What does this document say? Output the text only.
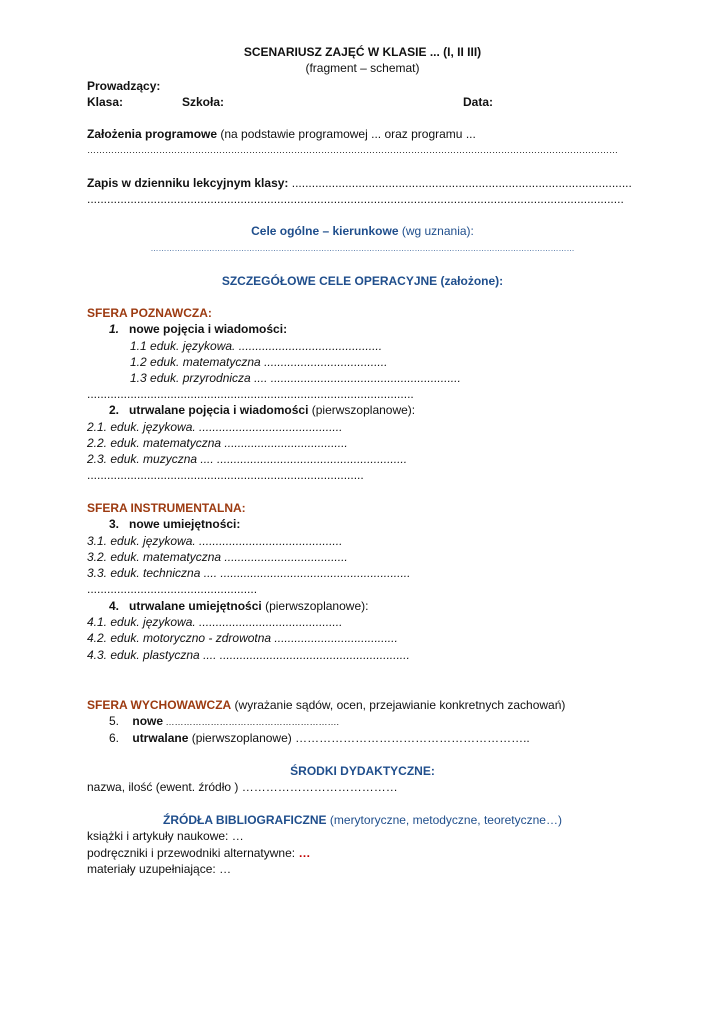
SCENARIUSZ ZAJĘĆ W KLASIE ... (I, II III)
(fragment – schemat)
Prowadzący:
Klasa:	Szkoła:	Data:
Założenia programowe (na podstawie programowej ... oraz programu ...
……………………………………………………………………………………………………………………………………………………………
Zapis w dzienniku lekcyjnym klasy: ......................................................................................................
.................................................................................................................................................................
Cele ogólne – kierunkowe (wg uznania):
……………………………………………………………………………………………………………………………………………
SZCZEGÓŁOWE CELE OPERACYJNE (założone):
SFERA POZNAWCZA:
1. nowe pojęcia i wiadomości:
1.1 eduk. językowa. ...........................................
1.2 eduk. matematyczna .....................................
1.3 eduk. przyrodnicza .... .........................................................
..................................................................................................
2. utrwalane pojęcia i wiadomości (pierwszoplanowe):
2.1. eduk. językowa. ...........................................
2.2. eduk. matematyczna .....................................
2.3. eduk. muzyczna .... .........................................................
...................................................................................
SFERA INSTRUMENTALNA:
3. nowe umiejętności:
3.1. eduk. językowa. ...........................................
3.2. eduk. matematyczna .....................................
3.3. eduk. techniczna .... .........................................................
...................................................
4. utrwalane umiejętności (pierwszoplanowe):
4.1. eduk. językowa. ...........................................
4.2. eduk. motoryczno - zdrowotna .....................................
4.3. eduk. plastyczna .... .........................................................
SFERA WYCHOWAWCZA (wyrażanie sądów, ocen, przejawianie konkretnych zachowań)
5. nowe ………………………………………………….
6. utrwalane (pierwszoplanowe) …………………………………………………..
ŚRODKI DYDAKTYCZNE:
nazwa, ilość (ewent. źródło ) …………………………………
ŹRÓDŁA BIBLIOGRAFICZNE (merytoryczne, metodyczne, teoretyczne…)
książki i artykuły naukowe: …
podręczniki i przewodniki alternatywne: …
materiały uzupełniające: …
